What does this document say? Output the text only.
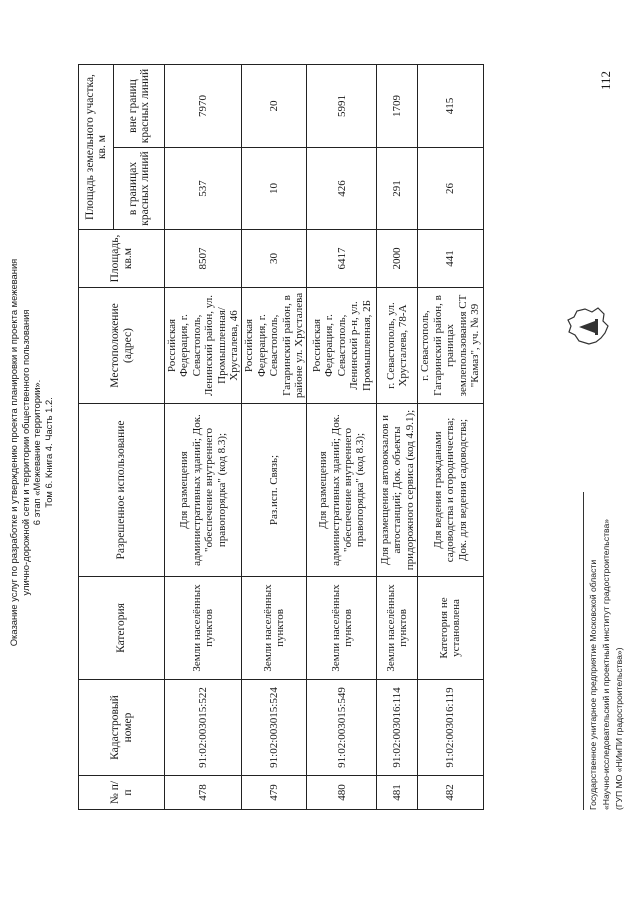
Оказание услуг по разработке и утверждению проекта планировки и проекта межевания улично-дорожной сети и территории общественного пользования 6 этап «Межевание территории». Том 6. Книга 4. Часть 1.2.
№ п/п	Кадастровый номер	Категория	Разрешенное использование	Местоположение (адрес)	Площадь, кв.м	Площадь земельного участка, кв. м	
						в границах красных линий	вне границ красных линий
478	91:02:003015:522	Земли населённых пунктов	Для размещения административных зданий; Док. "обеспечение внутреннего правопорядка" (код 8.3);	Российская Федерация, г. Севастополь, Ленинский район, ул. Промышленная/Хрусталева, 46	8507	537	7970
479	91:02:003015:524	Земли населённых пунктов	Раз.исп. Связь;	Российская Федерация, г. Севастополь, Гагаринский район, в районе ул. Хрусталева	30	10	20
480	91:02:003015:549	Земли населённых пунктов	Для размещения административных зданий; Док. "обеспечение внутреннего правопорядка" (код 8.3);	Российская Федерация, г. Севастополь, Ленинский р-н, ул. Промышленная, 2Б	6417	426	5991
481	91:02:003016:114	Земли населённых пунктов	Для размещения автовокзалов и автостанций; Док. объекты придорожного сервиса (код 4.9.1);	г. Севастополь, ул. Хрусталева, 78-А	2000	291	1709
482	91:02:003016:119	Категория не установлена	Для ведения гражданами садоводства и огородничества; Док. для ведения садоводства;	г. Севастополь, Гагаринский район, в границах землепользования СТ "Камаз", уч. № 39	441	26	415
Государственное унитарное предприятие Московской области «Научно-исследовательский и проектный институт градостроительства» (ГУП МО «НИиПИ градостроительства»)
112
